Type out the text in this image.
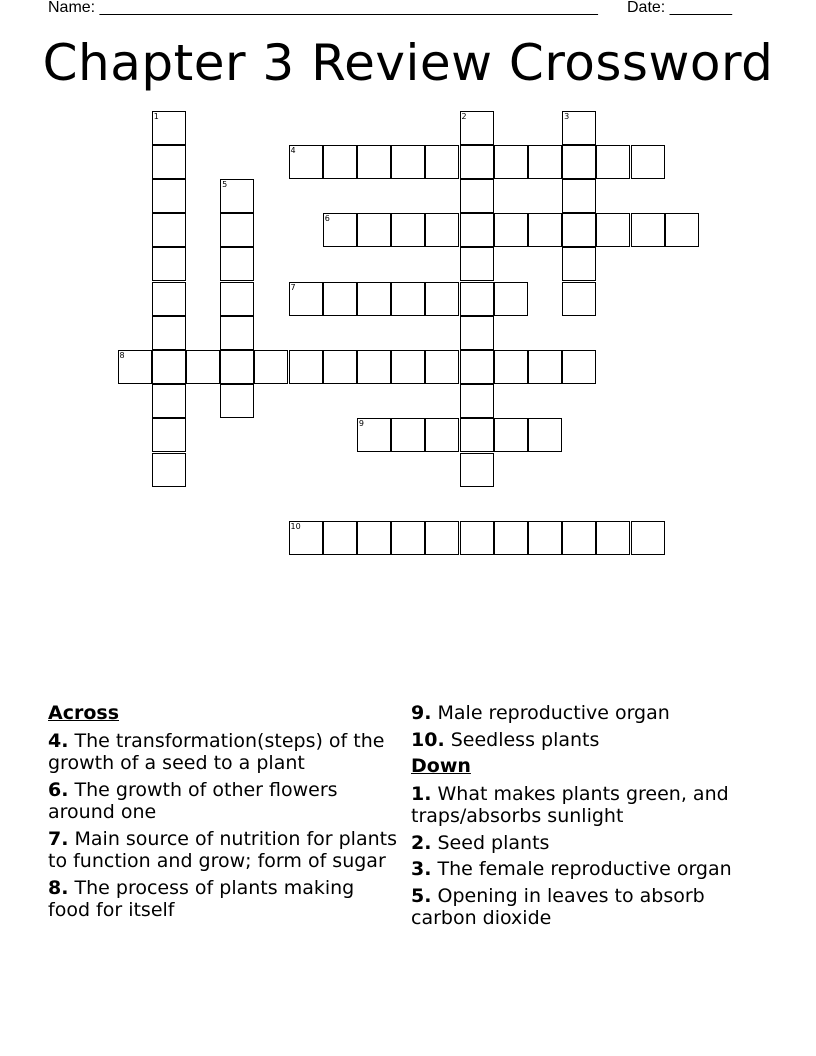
Name: ________________________________________________________ Date: _______
Chapter 3 Review Crossword
1	2	3
4
5
6
7
8
9
10
Across
4. The transformation(steps) of the growth of a seed to a plant
6. The growth of other flowers around one
7. Main source of nutrition for plants to function and grow; form of sugar
8. The process of plants making food for itself
9. Male reproductive organ
10. Seedless plants
Down
1. What makes plants green, and traps/absorbs sunlight
2. Seed plants
3. The female reproductive organ
5. Opening in leaves to absorb carbon dioxide
